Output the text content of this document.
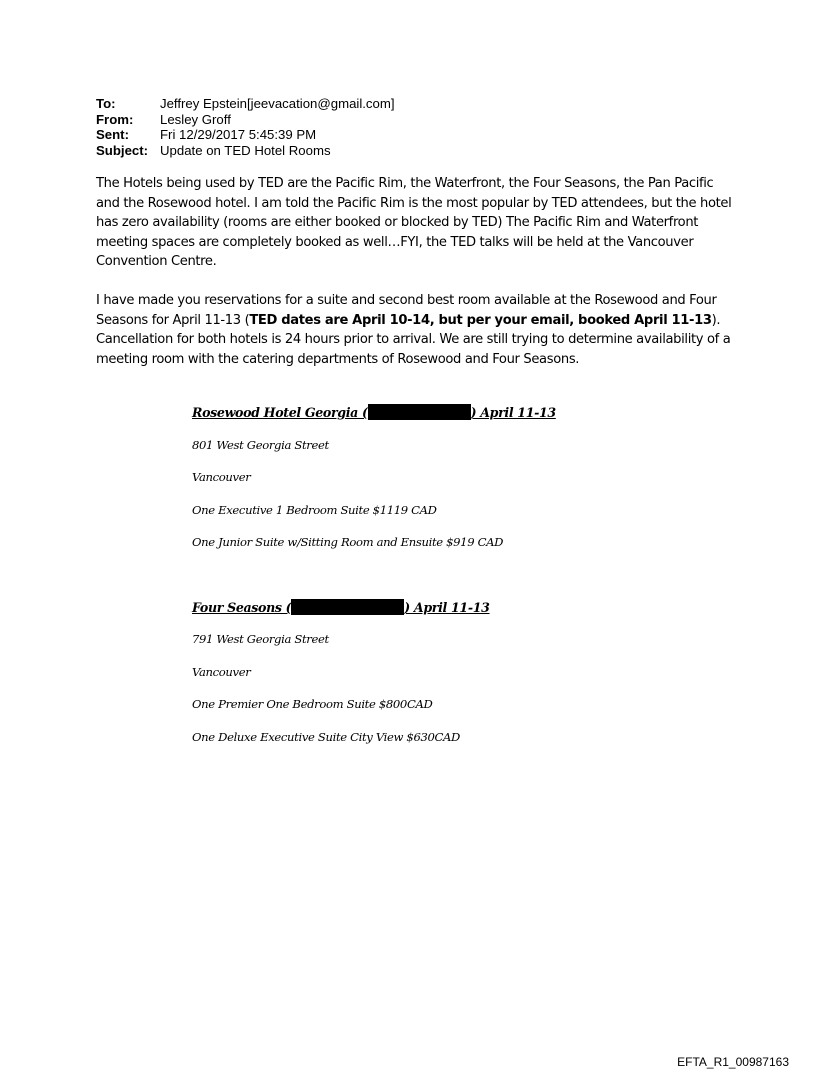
To:	Jeffrey Epstein[jeevacation@gmail.com]
From:	Lesley Groff
Sent:	Fri 12/29/2017 5:45:39 PM
Subject: Update on TED Hotel Rooms

The Hotels being used by TED are the Pacific Rim, the Waterfront, the Four Seasons, the Pan Pacific and the Rosewood hotel. I am told the Pacific Rim is the most popular by TED attendees, but the hotel has zero availability (rooms are either booked or blocked by TED) The Pacific Rim and Waterfront meeting spaces are completely booked as well…FYI, the TED talks will be held at the Vancouver Convention Centre.

I have made you reservations for a suite and second best room available at the Rosewood and Four Seasons for April 11-13 (TED dates are April 10-14, but per your email, booked April 11-13). Cancellation for both hotels is 24 hours prior to arrival. We are still trying to determine availability of a meeting room with the catering departments of Rosewood and Four Seasons.

Rosewood Hotel Georgia (	) April 11-13
801 West Georgia Street
Vancouver
One Executive 1 Bedroom Suite $1119 CAD
One Junior Suite w/Sitting Room and Ensuite $919 CAD
Four Seasons (	) April 11-13
791 West Georgia Street
Vancouver
One Premier One Bedroom Suite $800CAD
One Deluxe Executive Suite City View $630CAD
EFTA_R1_00987163
